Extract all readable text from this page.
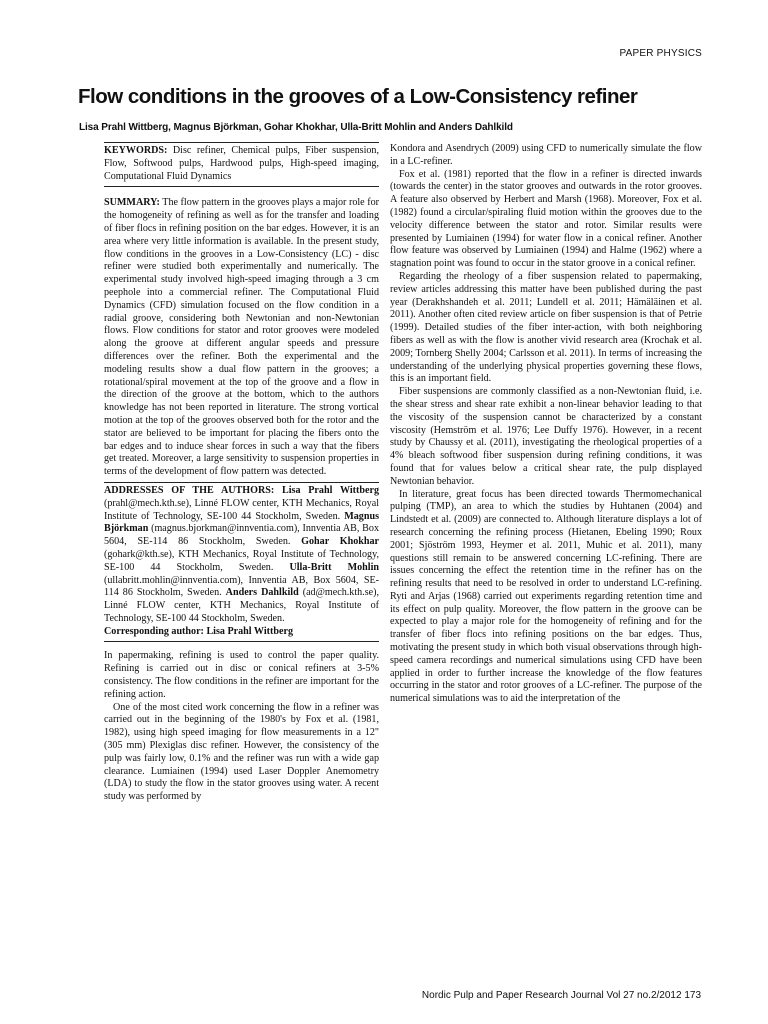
PAPER PHYSICS
Flow conditions in the grooves of a Low-Consistency refiner
Lisa Prahl Wittberg, Magnus Björkman, Gohar Khokhar, Ulla-Britt Mohlin and Anders Dahlkild

KEYWORDS: Disc refiner, Chemical pulps, Fiber suspension, Flow, Softwood pulps, Hardwood pulps, High-speed imaging, Computational Fluid Dynamics

SUMMARY: The flow pattern in the grooves plays a major role for the homogeneity of refining as well as for the transfer and loading of fiber flocs in refining position on the bar edges. However, it is an area where very little information is available. In the present study, flow conditions in the grooves in a Low-Consistency (LC) - disc refiner were studied both experimentally and numerically. The experimental study involved high-speed imaging through a 3 cm peephole into a commercial refiner. The Computational Fluid Dynamics (CFD) simulation focused on the flow condition in a radial groove, considering both Newtonian and non-Newtonian flows. Flow conditions for stator and rotor grooves were modeled along the groove at different angular speeds and pressure differences over the refiner. Both the experimental and the modeling results show a dual flow pattern in the grooves; a rotational/spiral movement at the top of the groove and a flow in the direction of the groove at the bottom, which to the authors knowledge has not been reported in literature. The strong vortical motion at the top of the grooves observed both for the rotor and the stator are believed to be important for placing the fibers onto the bar edges and to induce shear forces in such a way that the fibers get treated. Moreover, a large sensitivity to suspension properties in terms of the development of flow pattern was detected.

ADDRESSES OF THE AUTHORS: Lisa Prahl Wittberg (prahl@mech.kth.se), Linné FLOW center, KTH Mechanics, Royal Institute of Technology, SE-100 44 Stockholm, Sweden. Magnus Björkman (magnus.bjorkman@innventia.com), Innventia AB, Box 5604, SE-114 86 Stockholm, Sweden. Gohar Khokhar (gohark@kth.se), KTH Mechanics, Royal Institute of Technology, SE-100 44 Stockholm, Sweden. Ulla-Britt Mohlin (ullabritt.mohlin@innventia.com), Innventia AB, Box 5604, SE-114 86 Stockholm, Sweden. Anders Dahlkild (ad@mech.kth.se), Linné FLOW center, KTH Mechanics, Royal Institute of Technology, SE-100 44 Stockholm, Sweden.

Corresponding author: Lisa Prahl Wittberg

In papermaking, refining is used to control the paper quality. Refining is carried out in disc or conical refiners at 3-5% consistency. The flow conditions in the refiner are important for the refining action.

One of the most cited work concerning the flow in a refiner was carried out in the beginning of the 1980's by Fox et al. (1981, 1982), using high speed imaging for flow measurements in a 12" (305 mm) Plexiglas disc refiner. However, the consistency of the pulp was fairly low, 0.1% and the refiner was run with a wide gap clearance. Lumiainen (1994) used Laser Doppler Anemometry (LDA) to study the flow in the stator grooves using water. A recent study was performed by

Kondora and Asendrych (2009) using CFD to numerically simulate the flow in a LC-refiner.

Fox et al. (1981) reported that the flow in a refiner is directed inwards (towards the center) in the stator grooves and outwards in the rotor grooves. A feature also observed by Herbert and Marsh (1968). Moreover, Fox et al. (1982) found a circular/spiraling fluid motion within the grooves due to the velocity difference between the stator and rotor. Similar results were presented by Lumiainen (1994) for water flow in a conical refiner. Another flow feature was observed by Lumiainen (1994) and Halme (1962) where a stagnation point was found to occur in the stator groove in a conical refiner.

Regarding the rheology of a fiber suspension related to papermaking, review articles addressing this matter have been published during the past year (Derakhshandeh et al. 2011; Lundell et al. 2011; Hämäläinen et al. 2011). Another often cited review article on fiber suspension is that of Petrie (1999). Detailed studies of the fiber inter-action, with both neighboring fibers as well as with the flow is another vivid research area (Krochak et al. 2009; Tornberg Shelly 2004; Carlsson et al. 2011). In terms of increasing the understanding of the underlying physical properties governing these flows, this is an important field.

Fiber suspensions are commonly classified as a non-Newtonian fluid, i.e. the shear stress and shear rate exhibit a non-linear behavior leading to that the viscosity of the suspension cannot be characterized by a constant viscosity (Hemström et al. 1976; Lee Duffy 1976). However, in a recent study by Chaussy et al. (2011), investigating the rheological properties of a 4% bleach softwood fiber suspension during refining conditions, it was found that for values below a critical shear rate, the pulp displayed Newtonian behavior.

In literature, great focus has been directed towards Thermomechanical pulping (TMP), an area to which the studies by Huhtanen (2004) and Lindstedt et al. (2009) are connected to. Although literature displays a lot of research concerning the refining process (Hietanen, Ebeling 1990; Roux 2001; Sjöström 1993, Heymer et al. 2011, Muhic et al. 2011), many questions still remain to be answered concerning LC-refining. There are issues concerning the effect the retention time in the refiner has on the refining results that need to be resolved in order to understand LC-refining. Ryti and Arjas (1968) carried out experiments regarding retention time and its effect on pulp quality. Moreover, the flow pattern in the groove can be expected to play a major role for the homogeneity of refining and for the transfer of fiber flocs into refining positions on the bar edges. Thus, motivating the present study in which both visual observations through high-speed camera recordings and numerical simulations using CFD have been applied in order to further increase the knowledge of the flow features occurring in the stator and rotor grooves of a LC-refiner. The purpose of the numerical simulations was to aid the interpretation of the

Nordic Pulp and Paper Research Journal Vol 27 no.2/2012 173
